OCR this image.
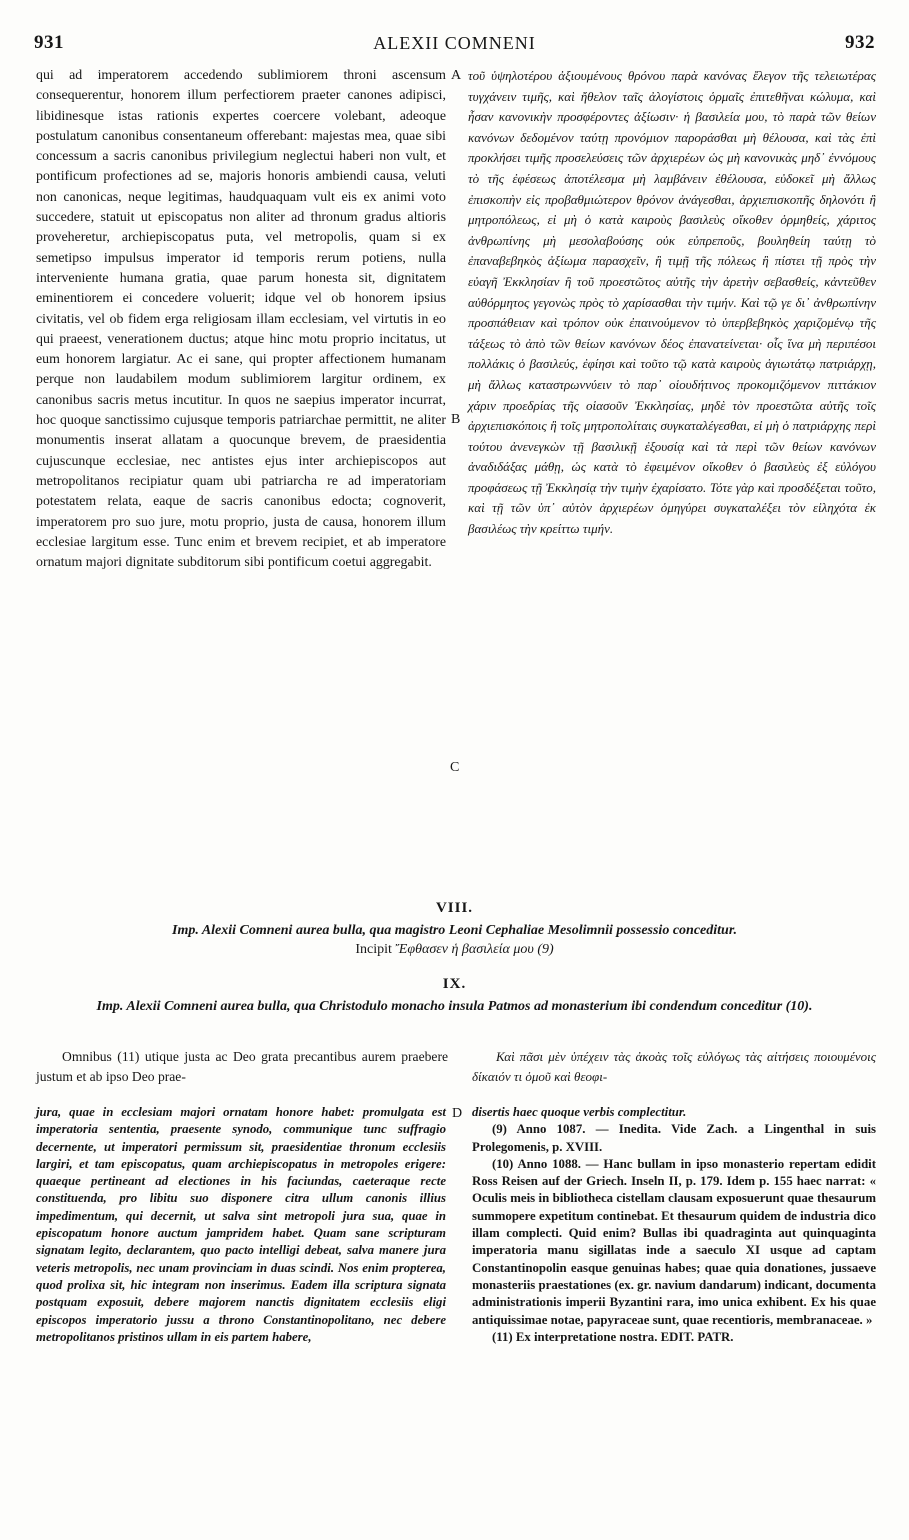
931	ALEXII COMNENI	932

qui ad imperatorem accedendo sublimiorem throni ascensum consequerentur, honorem illum perfectiorem praeter canones adipisci, libidinesque istas rationis expertes coercere volebant, adeoque postulatum canonibus consentaneum offerebant: majestas mea, quae sibi concessum a sacris canonibus privilegium neglectui haberi non vult, et pontificum profectiones ad se, majoris honoris ambiendi causa, veluti non canonicas, neque legitimas, haudquaquam vult eis ex animi voto succedere, statuit ut episcopatus non aliter ad thronum gradus altioris proveheretur, archiepiscopatus puta, vel metropolis, quam si ex semetipso impulsus imperator id temporis rerum potiens, nulla interveniente humana gratia, quae parum honesta sit, dignitatem eminentiorem ei concedere voluerit; idque vel ob honorem ipsius civitatis, vel ob fidem erga religiosam illam ecclesiam, vel virtutis in eo qui praeest, venerationem ductus; atque hinc motu proprio incitatus, ut eum honorem largiatur. Ac ei sane, qui propter affectionem humanam perque non laudabilem modum sublimiorem largitur ordinem, ex canonibus sacris metus incutitur. In quos ne saepius imperator incurrat, hoc quoque sanctissimo cujusque temporis patriarchae permittit, ne aliter monumentis inserat allatam a quocunque brevem, de praesidentia cujuscunque ecclesiae, nec antistes ejus inter archiepiscopos aut metropolitanos recipiatur quam ubi patriarcha re ad imperatoriam potestatem relata, eaque de sacris canonibus edocta; cognoverit, imperatorem pro suo jure, motu proprio, justa de causa, honorem illum ecclesiae largitum esse. Tunc enim et brevem recipiet, et ab imperatore ornatum majori dignitate subditorum sibi pontificum coetui aggregabit.

τοῦ ὑψηλοτέρου ἀξιουμένους θρόνου παρὰ κανόνας ἔλεγον τῆς τελειωτέρας τυγχάνειν τιμῆς, καὶ ἤθελον ταῖς ἀλογίστοις ὁρμαῖς ἐπιτεθῆναι κώλυμα, καὶ ἦσαν κανονικὴν προσφέροντες ἀξίωσιν· ἡ βασιλεία μου, τὸ παρὰ τῶν θείων κανόνων δεδομένον ταύτῃ προνόμιον παροράσθαι μὴ θέλουσα, καὶ τὰς ἐπὶ προκλήσει τιμῆς προσελεύσεις τῶν ἀρχιερέων ὡς μὴ κανονικὰς μηδ᾽ ἐννόμους τὸ τῆς ἐφέσεως ἀποτέλεσμα μὴ λαμβάνειν ἐθέλουσα, εὐδοκεῖ μὴ ἄλλως ἐπισκοπὴν εἰς προβαθμιώτερον θρόνον ἀνάγεσθαι, ἀρχιεπισκοπῆς δηλονότι ἢ μητροπόλεως, εἰ μὴ ὁ κατὰ καιροὺς βασιλεὺς οἴκοθεν ὁρμηθείς, χάριτος ἀνθρωπίνης μὴ μεσολαβούσης οὐκ εὐπρεποῦς, βουληθείη ταύτῃ τὸ ἐπαναβεβηκὸς ἀξίωμα παρασχεῖν, ἢ τιμῇ τῆς πόλεως ἢ πίστει τῇ πρὸς τὴν εὐαγῆ Ἐκκλησίαν ἢ τοῦ προεστῶτος αὐτῆς τὴν ἀρετὴν σεβασθείς, κἀντεῦθεν αὐθόρμητος γεγονὼς πρὸς τὸ χαρίσασθαι τὴν τιμήν. Καὶ τῷ γε δι᾽ ἀνθρωπίνην προσπάθειαν καὶ τρόπον οὐκ ἐπαινούμενον τὸ ὑπερβεβηκὸς χαριζομένῳ τῆς τάξεως τὸ ἀπὸ τῶν θείων κανόνων δέος ἐπανατείνεται· οἷς ἵνα μὴ περιπέσοι πολλάκις ὁ βασιλεύς, ἐφίησι καὶ τοῦτο τῷ κατὰ καιροὺς ἁγιωτάτῳ πατριάρχῃ, μὴ ἄλλως καταστρωννύειν τὸ παρ᾽ οἱουδήτινος προκομιζόμενον πιττάκιον χάριν προεδρίας τῆς οἱασοῦν Ἐκκλησίας, μηδὲ τὸν προεστῶτα αὐτῆς τοῖς ἀρχιεπισκόποις ἢ τοῖς μητροπολίταις συγκαταλέγεσθαι, εἰ μὴ ὁ πατριάρχης περὶ τούτου ἀνενεγκὼν τῇ βασιλικῇ ἐξουσίᾳ καὶ τὰ περὶ τῶν θείων κανόνων ἀναδιδάξας μάθῃ, ὡς κατὰ τὸ ἐφειμένον οἴκοθεν ὁ βασιλεὺς ἐξ εὐλόγου προφάσεως τῇ Ἐκκλησίᾳ τὴν τιμὴν ἐχαρίσατο. Τότε γὰρ καὶ προσδέξεται τοῦτο, καὶ τῇ τῶν ὑπ᾽ αὐτὸν ἀρχιερέων ὁμηγύρει συγκαταλέξει τὸν εἰληχότα ἐκ βασιλέως τὴν κρείττω τιμήν.

A
B
C
D
VIII.
Imp. Alexii Comneni aurea bulla, qua magistro Leoni Cephaliae Mesolimnii possessio conceditur.
Incipit Ἔφθασεν ἡ βασιλεία μου (9)
IX.
Imp. Alexii Comneni aurea bulla, qua Christodulo monacho insula Patmos ad monasterium ibi condendum conceditur (10).

Omnibus (11) utique justa ac Deo grata precantibus aurem praebere justum et ab ipso Deo prae-

Καὶ πᾶσι μὲν ὑπέχειν τὰς ἀκοὰς τοῖς εὐλόγως τὰς αἰτήσεις ποιουμένοις δίκαιόν τι ὁμοῦ καὶ θεοφι-

jura, quae in ecclesiam majori ornatam honore habet: promulgata est imperatoria sententia, praesente synodo, communique tunc suffragio decernente, ut imperatori permissum sit, praesidentiae thronum ecclesiis largiri, et tam episcopatus, quam archiepiscopatus in metropoles erigere: quaeque pertineant ad electiones in his faciundas, caeteraque recte constituenda, pro libitu suo disponere citra ullum canonis illius impedimentum, qui decernit, ut salva sint metropoli jura sua, quae in episcopatum honore auctum jampridem habet. Quam sane scripturam signatam legito, declarantem, quo pacto intelligi debeat, salva manere jura veteris metropolis, nec unam provinciam in duas scindi. Nos enim propterea, quod prolixa sit, hic integram non inserimus. Eadem illa scriptura signata postquam exposuit, debere majorem nanctis dignitatem ecclesiis eligi episcopos imperatorio jussu a throno Constantinopolitano, nec debere metropolitanos pristinos ullam in eis partem habere,

disertis haec quoque verbis complectitur.

(9) Anno 1087. — Inedita. Vide Zach. a Lingenthal in suis Prolegomenis, p. XVIII.

(10) Anno 1088. — Hanc bullam in ipso monasterio repertam edidit Ross Reisen auf der Griech. Inseln II, p. 179. Idem p. 155 haec narrat: « Oculis meis in bibliotheca cistellam clausam exposuerunt quae thesaurum summopere expetitum continebat. Et thesaurum quidem de industria dico illam complecti. Quid enim? Bullas ibi quadraginta aut quinquaginta imperatoria manu sigillatas inde a saeculo XI usque ad captam Constantinopolin easque genuinas habes; quae quia donationes, jussaeve monasteriis praestationes (ex. gr. navium dandarum) indicant, documenta administrationis imperii Byzantini rara, imo unica exhibent. Ex his quae antiquissimae notae, papyraceae sunt, quae recentioris, membranaceae. »

(11) Ex interpretatione nostra. EDIT. PATR.
